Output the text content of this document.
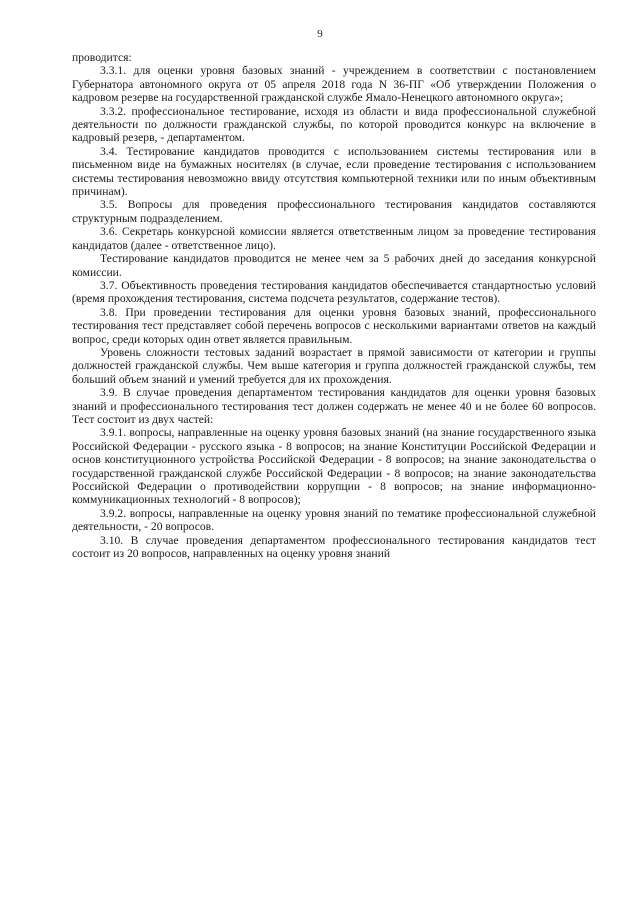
9

проводится:

3.3.1. для оценки уровня базовых знаний - учреждением в соответствии с постановлением Губернатора автономного округа от 05 апреля 2018 года N 36-ПГ «Об утверждении Положения о кадровом резерве на государственной гражданской службе Ямало-Ненецкого автономного округа»;

3.3.2. профессиональное тестирование, исходя из области и вида профессиональной служебной деятельности по должности гражданской службы, по которой проводится конкурс на включение в кадровый резерв, - департаментом.

3.4. Тестирование кандидатов проводится с использованием системы тестирования или в письменном виде на бумажных носителях (в случае, если проведение тестирования с использованием системы тестирования невозможно ввиду отсутствия компьютерной техники или по иным объективным причинам).

3.5. Вопросы для проведения профессионального тестирования кандидатов составляются структурным подразделением.

3.6. Секретарь конкурсной комиссии является ответственным лицом за проведение тестирования кандидатов (далее - ответственное лицо).

Тестирование кандидатов проводится не менее чем за 5 рабочих дней до заседания конкурсной комиссии.

3.7. Объективность проведения тестирования кандидатов обеспечивается стандартностью условий (время прохождения тестирования, система подсчета результатов, содержание тестов).

3.8. При проведении тестирования для оценки уровня базовых знаний, профессионального тестирования тест представляет собой перечень вопросов с несколькими вариантами ответов на каждый вопрос, среди которых один ответ является правильным.

Уровень сложности тестовых заданий возрастает в прямой зависимости от категории и группы должностей гражданской службы. Чем выше категория и группа должностей гражданской службы, тем больший объем знаний и умений требуется для их прохождения.

3.9. В случае проведения департаментом тестирования кандидатов для оценки уровня базовых знаний и профессионального тестирования тест должен содержать не менее 40 и не более 60 вопросов. Тест состоит из двух частей:

3.9.1. вопросы, направленные на оценку уровня базовых знаний (на знание государственного языка Российской Федерации - русского языка - 8 вопросов; на знание Конституции Российской Федерации и основ конституционного устройства Российской Федерации - 8 вопросов; на знание законодательства о государственной гражданской службе Российской Федерации - 8 вопросов; на знание законодательства Российской Федерации о противодействии коррупции - 8 вопросов; на знание информационно-коммуникационных технологий - 8 вопросов);

3.9.2. вопросы, направленные на оценку уровня знаний по тематике профессиональной служебной деятельности, - 20 вопросов.

3.10. В случае проведения департаментом профессионального тестирования кандидатов тест состоит из 20 вопросов, направленных на оценку уровня знаний
